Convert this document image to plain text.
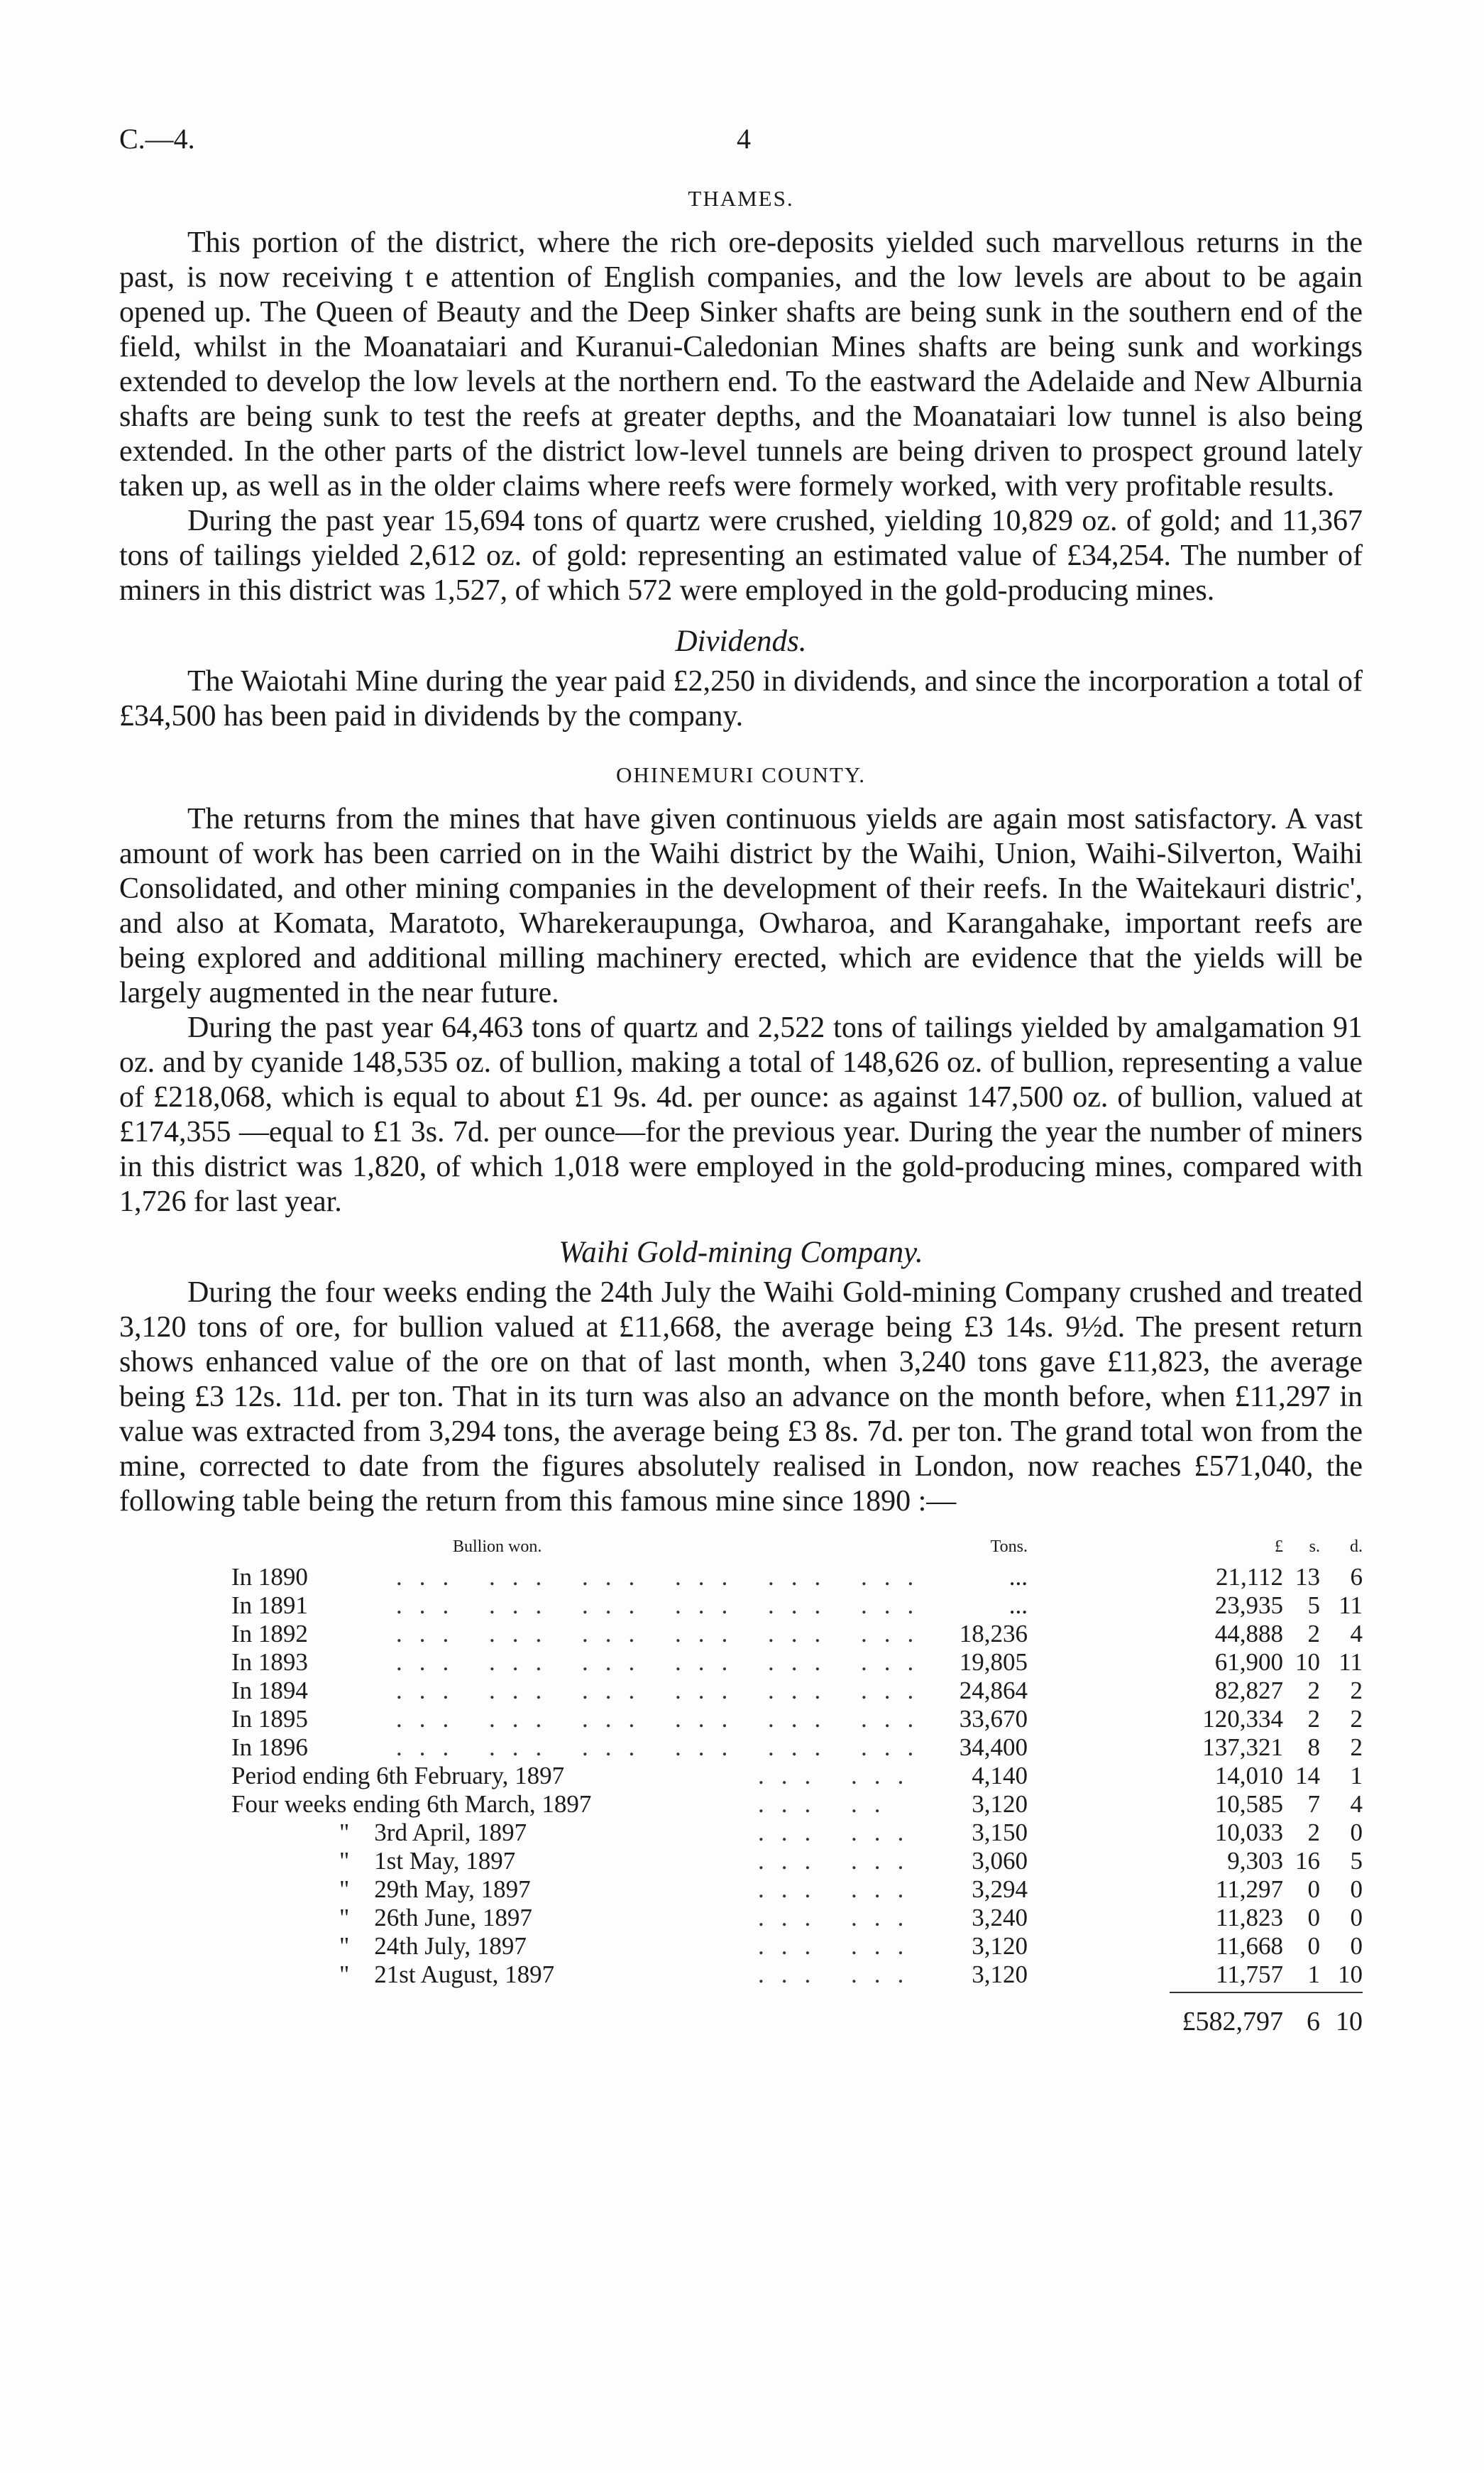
C.—4.	4
THAMES.

This portion of the district, where the rich ore-deposits yielded such marvellous returns in the past, is now receiving t e attention of English companies, and the low levels are about to be again opened up. The Queen of Beauty and the Deep Sinker shafts are being sunk in the southern end of the field, whilst in the Moanataiari and Kuranui-Caledonian Mines shafts are being sunk and workings extended to develop the low levels at the northern end. To the eastward the Adelaide and New Alburnia shafts are being sunk to test the reefs at greater depths, and the Moanataiari low tunnel is also being extended. In the other parts of the district low-level tunnels are being driven to prospect ground lately taken up, as well as in the older claims where reefs were formely worked, with very profitable results.

During the past year 15,694 tons of quartz were crushed, yielding 10,829 oz. of gold; and 11,367 tons of tailings yielded 2,612 oz. of gold: representing an estimated value of £34,254. The number of miners in this district was 1,527, of which 572 were employed in the gold-producing mines.

Dividends.

The Waiotahi Mine during the year paid £2,250 in dividends, and since the incorporation a total of £34,500 has been paid in dividends by the company.

OHINEMURI COUNTY.

The returns from the mines that have given continuous yields are again most satisfactory. A vast amount of work has been carried on in the Waihi district by the Waihi, Union, Waihi-Silverton, Waihi Consolidated, and other mining companies in the development of their reefs. In the Waitekauri distric', and also at Komata, Maratoto, Wharekeraupunga, Owharoa, and Karangahake, important reefs are being explored and additional milling machinery erected, which are evidence that the yields will be largely augmented in the near future.

During the past year 64,463 tons of quartz and 2,522 tons of tailings yielded by amalgamation 91 oz. and by cyanide 148,535 oz. of bullion, making a total of 148,626 oz. of bullion, representing a value of £218,068, which is equal to about £1 9s. 4d. per ounce: as against 147,500 oz. of bullion, valued at £174,355 —equal to £1 3s. 7d. per ounce—for the previous year. During the year the number of miners in this district was 1,820, of which 1,018 were employed in the gold-producing mines, compared with 1,726 for last year.

Waihi Gold-mining Company.

During the four weeks ending the 24th July the Waihi Gold-mining Company crushed and treated 3,120 tons of ore, for bullion valued at £11,668, the average being £3 14s. 9½d. The present return shows enhanced value of the ore on that of last month, when 3,240 tons gave £11,823, the average being £3 12s. 11d. per ton. That in its turn was also an advance on the month before, when £11,297 in value was extracted from 3,294 tons, the average being £3 8s. 7d. per ton. The grand total won from the mine, corrected to date from the figures absolutely realised in London, now reaches £571,040, the following table being the return from this famous mine since 1890 :—

Bullion won.	Tons.	£	s.	d.
In 1890	... ... ... ... ... ...	...	21,112 13	6
In 1891	... ... ... ... ... ...	...	23,935 5 11
In 1892	... ... ... ... ... ...	18,236	44,888 2	4
In 1893	... ... ... ... ... ...	19,805	61,900 10 11
In 1894	... ... ... ... ... ...	24,864	82,827 2	2
In 1895	... ... ... ... ... ...	33,670	120,334 2	2
In 1896	... ... ... ... ... ...	34,400	137,321 8	2
Period ending 6th February, 1897	... ...	4,140	14,010 14	1
Four weeks ending 6th March, 1897	... ..	3,120	10,585 7	4
"    3rd April, 1897	... ...	3,150	10,033 2	0
"    1st May, 1897	... ...	3,060	9,303 16	5
"    29th May, 1897	... ...	3,294	11,297 0	0
"    26th June, 1897	... ...	3,240	11,823 0	0
"    24th July, 1897	... ...	3,120	11,668 0	0
"    21st August, 1897	... ...	3,120	11,757 1 10
£582,797 6 10
